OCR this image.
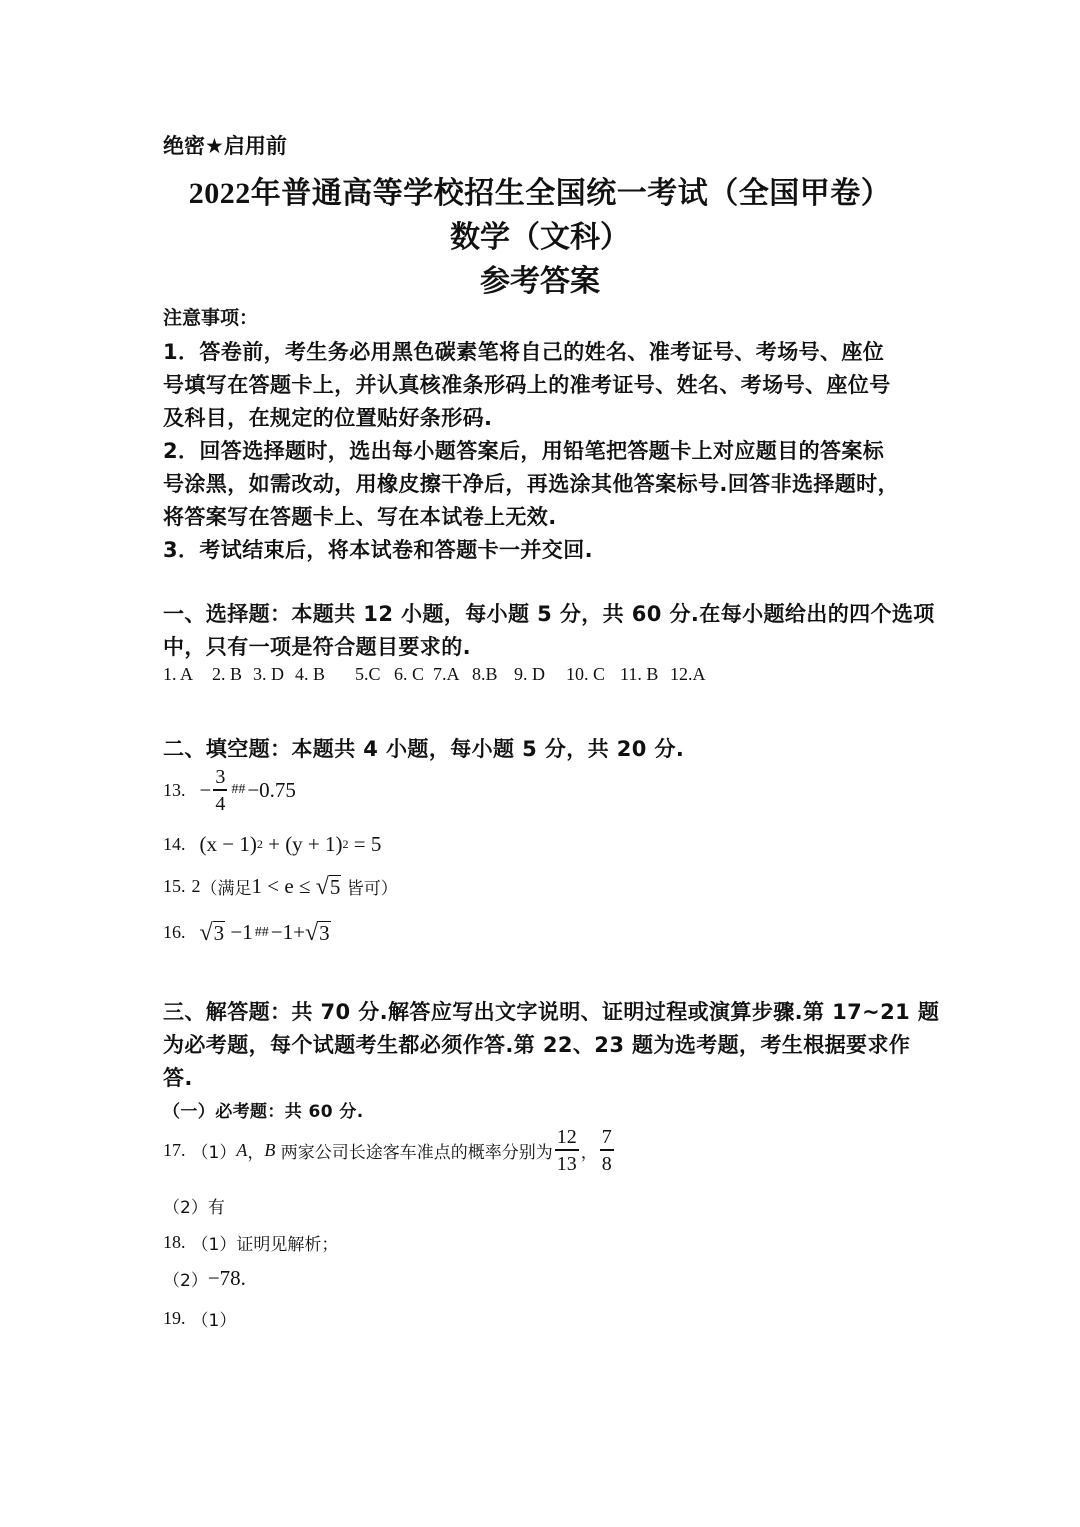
绝密★启用前
2022年普通高等学校招生全国统一考试（全国甲卷）
数学（文科）
参考答案
注意事项：
1．答卷前，考生务必用黑色碳素笔将自己的姓名、准考证号、考场号、座位
号填写在答题卡上，并认真核准条形码上的准考证号、姓名、考场号、座位号
及科目，在规定的位置贴好条形码.
2．回答选择题时，选出每小题答案后，用铅笔把答题卡上对应题目的答案标
号涂黑，如需改动，用橡皮擦干净后，再选涂其他答案标号.回答非选择题时，
将答案写在答题卡上、写在本试卷上无效.
3．考试结束后，将本试卷和答题卡一并交回.
一、选择题：本题共 12 小题，每小题 5 分，共 60 分.在每小题给出的四个选项
中，只有一项是符合题目要求的.
1. A	2. B 3. D 4. B	5.C 6. C 7.A 8.B 9. D	10. C 11. B 12.A
二、填空题：本题共 4 小题，每小题 5 分，共 20 分.
13. − $\frac{3}{4}$ ## −0.75
14. (x − 1) 2 + (y + 1) 2 = 5
15. 2 （满足 1 < e ≤ √ 5 皆可）
16. √ 3 −1 ## −1+ √ 3
三、解答题：共 70 分.解答应写出文字说明、证明过程或演算步骤.第 17~21 题
为必考题，每个试题考生都必须作答.第 22、23 题为选考题，考生根据要求作
答.
（一）必考题：共 60 分.
17. （1） A ， B 两家公司长途客车准点的概率分别为 $\frac{12}{13}$ ， $\frac{7}{8}$
（2）有
18. （1）证明见解析；
（2） −78 .
19. （1）
